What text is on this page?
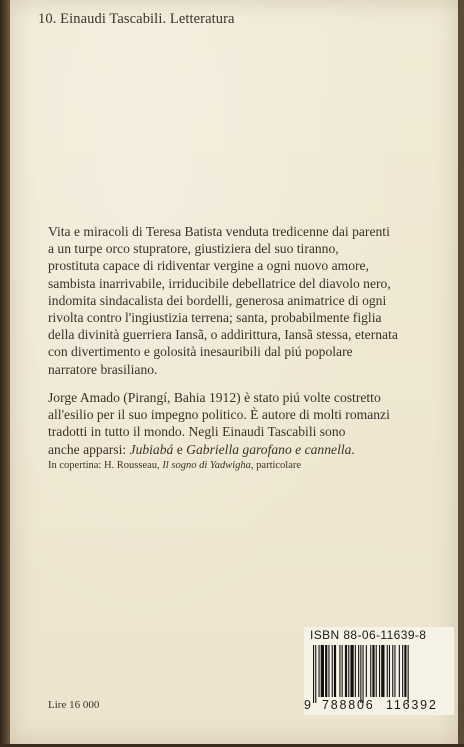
10. Einaudi Tascabili. Letteratura
Vita e miracoli di Teresa Batista venduta tredicenne dai parenti
a un turpe orco stupratore, giustiziera del suo tiranno,
prostituta capace di ridiventar vergine a ogni nuovo amore,
sambista inarrivabile, irriducibile debellatrice del diavolo nero,
indomita sindacalista dei bordelli, generosa animatrice di ogni
rivolta contro l'ingiustizia terrena; santa, probabilmente figlia
della divinità guerriera Iansã, o addirittura, Iansã stessa, eternata
con divertimento e golosità inesauribili dal piú popolare
narratore brasiliano.
Jorge Amado (Pirangí, Bahia 1912) è stato piú volte costretto
all'esilio per il suo impegno politico. È autore di molti romanzi
tradotti in tutto il mondo. Negli Einaudi Tascabili sono
anche apparsi: Jubiabá e Gabriella garofano e cannella.
In copertina: H. Rousseau, Il sogno di Yadwigha, particolare
Lire 16 000
ISBN 88-06-11639-8
9 788806 116392
